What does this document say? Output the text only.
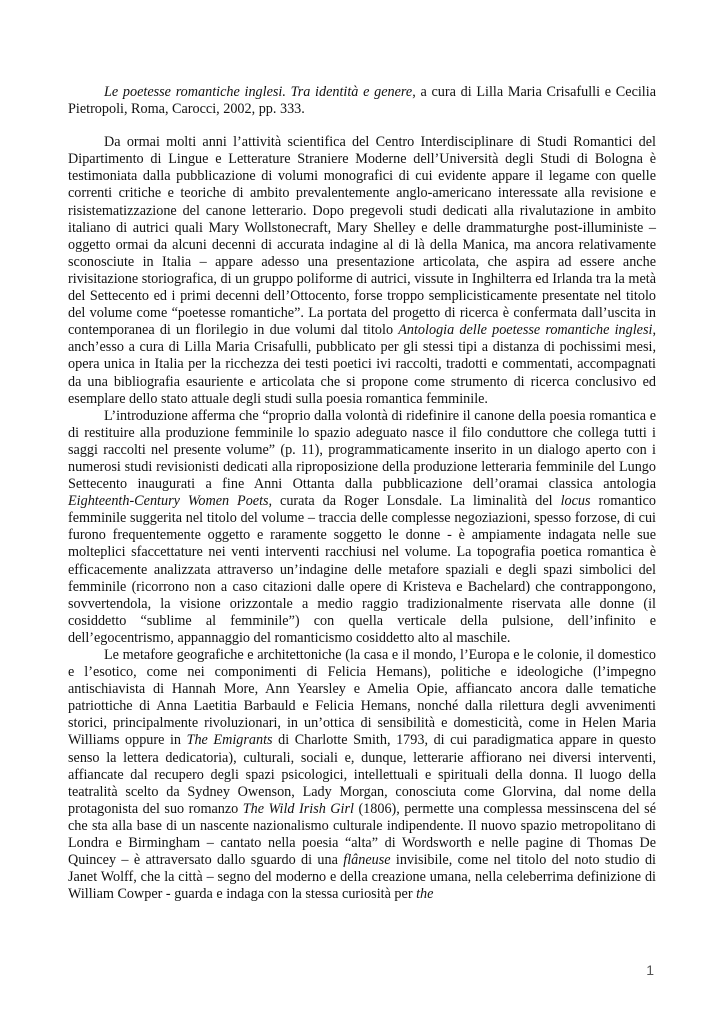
Le poetesse romantiche inglesi. Tra identità e genere, a cura di Lilla Maria Crisafulli e Cecilia Pietropoli, Roma, Carocci, 2002, pp. 333.

Da ormai molti anni l’attività scientifica del Centro Interdisciplinare di Studi Romantici del Dipartimento di Lingue e Letterature Straniere Moderne dell’Università degli Studi di Bologna è testimoniata dalla pubblicazione di volumi monografici di cui evidente appare il legame con quelle correnti critiche e teoriche di ambito prevalentemente anglo-americano interessate alla revisione e risistematizzazione del canone letterario. Dopo pregevoli studi dedicati alla rivalutazione in ambito italiano di autrici quali Mary Wollstonecraft, Mary Shelley e delle drammaturghe post-illuministe – oggetto ormai da alcuni decenni di accurata indagine al di là della Manica, ma ancora relativamente sconosciute in Italia – appare adesso una presentazione articolata, che aspira ad essere anche rivisitazione storiografica, di un gruppo poliforme di autrici, vissute in Inghilterra ed Irlanda tra la metà del Settecento ed i primi decenni dell’Ottocento, forse troppo semplicisticamente presentate nel titolo del volume come “poetesse romantiche”. La portata del progetto di ricerca è confermata dall’uscita in contemporanea di un florilegio in due volumi dal titolo Antologia delle poetesse romantiche inglesi, anch’esso a cura di Lilla Maria Crisafulli, pubblicato per gli stessi tipi a distanza di pochissimi mesi, opera unica in Italia per la ricchezza dei testi poetici ivi raccolti, tradotti e commentati, accompagnati da una bibliografia esauriente e articolata che si propone come strumento di ricerca conclusivo ed esemplare dello stato attuale degli studi sulla poesia romantica femminile.

L’introduzione afferma che “proprio dalla volontà di ridefinire il canone della poesia romantica e di restituire alla produzione femminile lo spazio adeguato nasce il filo conduttore che collega tutti i saggi raccolti nel presente volume” (p. 11), programmaticamente inserito in un dialogo aperto con i numerosi studi revisionisti dedicati alla riproposizione della produzione letteraria femminile del Lungo Settecento inaugurati a fine Anni Ottanta dalla pubblicazione dell’oramai classica antologia Eighteenth-Century Women Poets, curata da Roger Lonsdale. La liminalità del locus romantico femminile suggerita nel titolo del volume – traccia delle complesse negoziazioni, spesso forzose, di cui furono frequentemente oggetto e raramente soggetto le donne - è ampiamente indagata nelle sue molteplici sfaccettature nei venti interventi racchiusi nel volume. La topografia poetica romantica è efficacemente analizzata attraverso un’indagine delle metafore spaziali e degli spazi simbolici del femminile (ricorrono non a caso citazioni dalle opere di Kristeva e Bachelard) che contrappongono, sovvertendola, la visione orizzontale a medio raggio tradizionalmente riservata alle donne (il cosiddetto “sublime al femminile”) con quella verticale della pulsione, dell’infinito e dell’egocentrismo, appannaggio del romanticismo cosiddetto alto al maschile.

Le metafore geografiche e architettoniche (la casa e il mondo, l’Europa e le colonie, il domestico e l’esotico, come nei componimenti di Felicia Hemans), politiche e ideologiche (l’impegno antischiavista di Hannah More, Ann Yearsley e Amelia Opie, affiancato ancora dalle tematiche patriottiche di Anna Laetitia Barbauld e Felicia Hemans, nonché dalla rilettura degli avvenimenti storici, principalmente rivoluzionari, in un’ottica di sensibilità e domesticità, come in Helen Maria Williams oppure in The Emigrants di Charlotte Smith, 1793, di cui paradigmatica appare in questo senso la lettera dedicatoria), culturali, sociali e, dunque, letterarie affiorano nei diversi interventi, affiancate dal recupero degli spazi psicologici, intellettuali e spirituali della donna. Il luogo della teatralità scelto da Sydney Owenson, Lady Morgan, conosciuta come Glorvina, dal nome della protagonista del suo romanzo The Wild Irish Girl (1806), permette una complessa messinscena del sé che sta alla base di un nascente nazionalismo culturale indipendente. Il nuovo spazio metropolitano di Londra e Birmingham – cantato nella poesia “alta” di Wordsworth e nelle pagine di Thomas De Quincey – è attraversato dallo sguardo di una flâneuse invisibile, come nel titolo del noto studio di Janet Wolff, che la città – segno del moderno e della creazione umana, nella celeberrima definizione di William Cowper - guarda e indaga con la stessa curiosità per the

1
